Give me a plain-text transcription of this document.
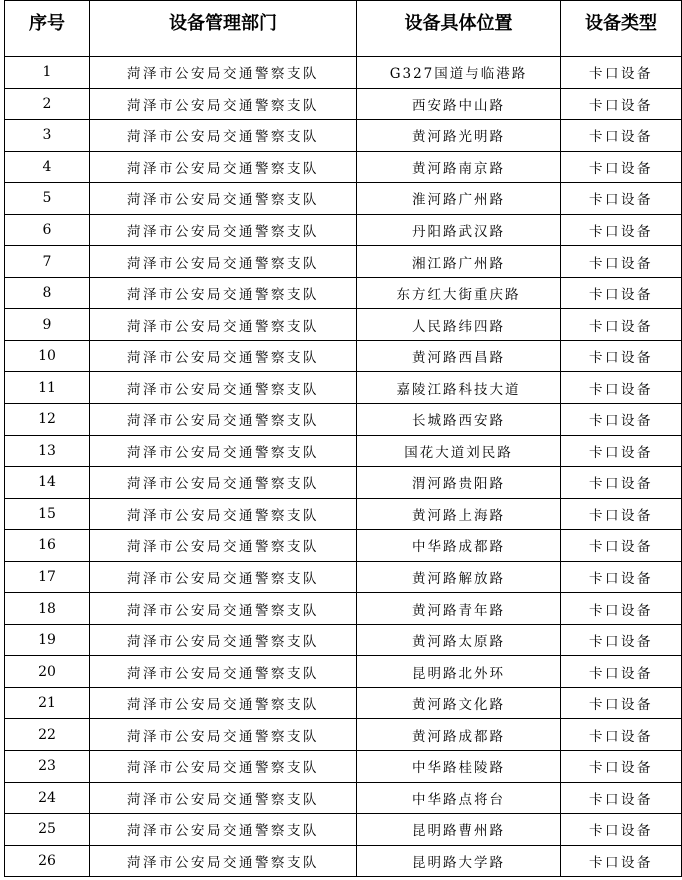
序号	设备管理部门	设备具体位置	设备类型
1	菏泽市公安局交通警察支队	G327国道与临港路	卡口设备
2	菏泽市公安局交通警察支队	西安路中山路	卡口设备
3	菏泽市公安局交通警察支队	黄河路光明路	卡口设备
4	菏泽市公安局交通警察支队	黄河路南京路	卡口设备
5	菏泽市公安局交通警察支队	淮河路广州路	卡口设备
6	菏泽市公安局交通警察支队	丹阳路武汉路	卡口设备
7	菏泽市公安局交通警察支队	湘江路广州路	卡口设备
8	菏泽市公安局交通警察支队	东方红大街重庆路	卡口设备
9	菏泽市公安局交通警察支队	人民路纬四路	卡口设备
10	菏泽市公安局交通警察支队	黄河路西昌路	卡口设备
11	菏泽市公安局交通警察支队	嘉陵江路科技大道	卡口设备
12	菏泽市公安局交通警察支队	长城路西安路	卡口设备
13	菏泽市公安局交通警察支队	国花大道刘民路	卡口设备
14	菏泽市公安局交通警察支队	渭河路贵阳路	卡口设备
15	菏泽市公安局交通警察支队	黄河路上海路	卡口设备
16	菏泽市公安局交通警察支队	中华路成都路	卡口设备
17	菏泽市公安局交通警察支队	黄河路解放路	卡口设备
18	菏泽市公安局交通警察支队	黄河路青年路	卡口设备
19	菏泽市公安局交通警察支队	黄河路太原路	卡口设备
20	菏泽市公安局交通警察支队	昆明路北外环	卡口设备
21	菏泽市公安局交通警察支队	黄河路文化路	卡口设备
22	菏泽市公安局交通警察支队	黄河路成都路	卡口设备
23	菏泽市公安局交通警察支队	中华路桂陵路	卡口设备
24	菏泽市公安局交通警察支队	中华路点将台	卡口设备
25	菏泽市公安局交通警察支队	昆明路曹州路	卡口设备
26	菏泽市公安局交通警察支队	昆明路大学路	卡口设备
